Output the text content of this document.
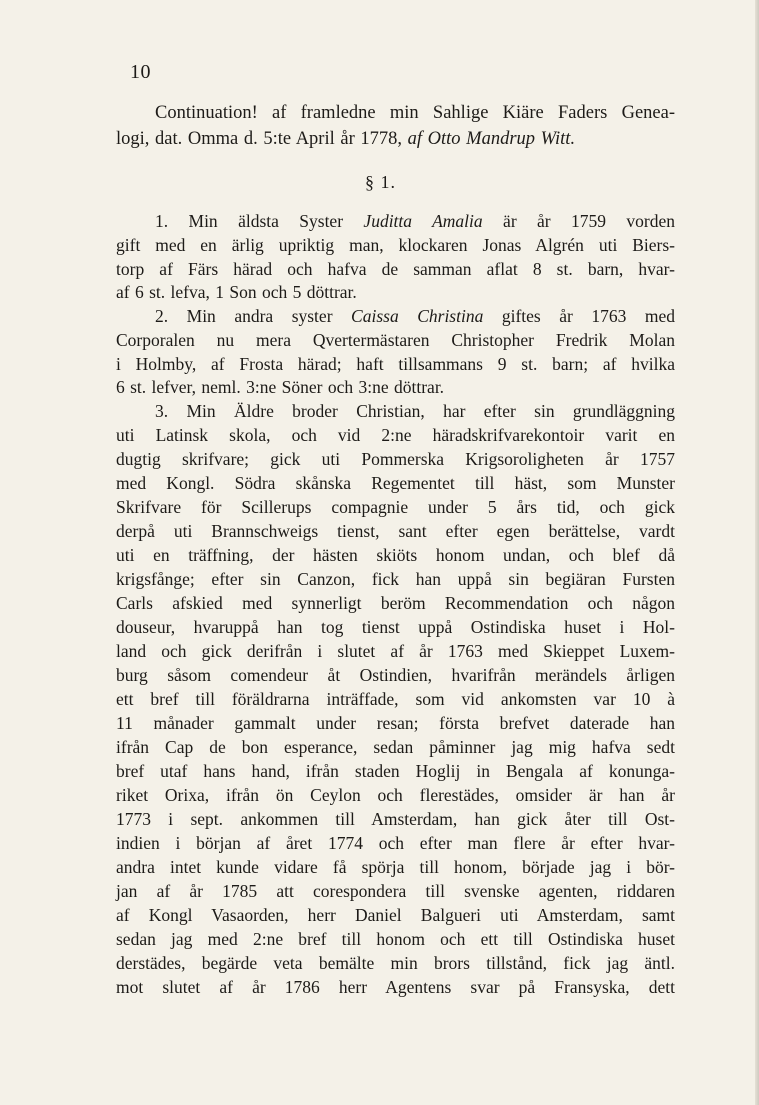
10
Continuation! af framledne min Sahlige Kiäre Faders Genea-
logi, dat. Omma d. 5:te April år 1778, af Otto Mandrup Witt.
§ 1.
1. Min äldsta Syster Juditta Amalia är år 1759 vorden
gift med en ärlig upriktig man, klockaren Jonas Algrén uti Biers-
torp af Färs härad och hafva de samman aflat 8 st. barn, hvar-
af 6 st. lefva, 1 Son och 5 döttrar.
2. Min andra syster Caissa Christina giftes år 1763 med
Corporalen nu mera Qvertermästaren Christopher Fredrik Molan
i Holmby, af Frosta härad; haft tillsammans 9 st. barn; af hvilka
6 st. lefver, neml. 3:ne Söner och 3:ne döttrar.
3. Min Äldre broder Christian, har efter sin grundläggning
uti Latinsk skola, och vid 2:ne häradskrifvarekontoir varit en
dugtig skrifvare; gick uti Pommerska Krigsoroligheten år 1757
med Kongl. Södra skånska Regementet till häst, som Munster
Skrifvare för Scillerups compagnie under 5 års tid, och gick
derpå uti Brannschweigs tienst, sant efter egen berättelse, vardt
uti en träffning, der hästen skiöts honom undan, och blef då
krigsfånge; efter sin Canzon, fick han uppå sin begiäran Fursten
Carls afskied med synnerligt beröm Recommendation och någon
douseur, hvaruppå han tog tienst uppå Ostindiska huset i Hol-
land och gick derifrån i slutet af år 1763 med Skieppet Luxem-
burg såsom comendeur åt Ostindien, hvarifrån merändels årligen
ett bref till föräldrarna inträffade, som vid ankomsten var 10 à
11 månader gammalt under resan; första brefvet daterade han
ifrån Cap de bon esperance, sedan påminner jag mig hafva sedt
bref utaf hans hand, ifrån staden Hoglij in Bengala af konunga-
riket Orixa, ifrån ön Ceylon och flerestädes, omsider är han år
1773 i sept. ankommen till Amsterdam, han gick åter till Ost-
indien i början af året 1774 och efter man flere år efter hvar-
andra intet kunde vidare få spörja till honom, började jag i bör-
jan af år 1785 att corespondera till svenske agenten, riddaren
af Kongl Vasaorden, herr Daniel Balgueri uti Amsterdam, samt
sedan jag med 2:ne bref till honom och ett till Ostindiska huset
derstädes, begärde veta bemälte min brors tillstånd, fick jag äntl.
mot slutet af år 1786 herr Agentens svar på Fransyska, dett
